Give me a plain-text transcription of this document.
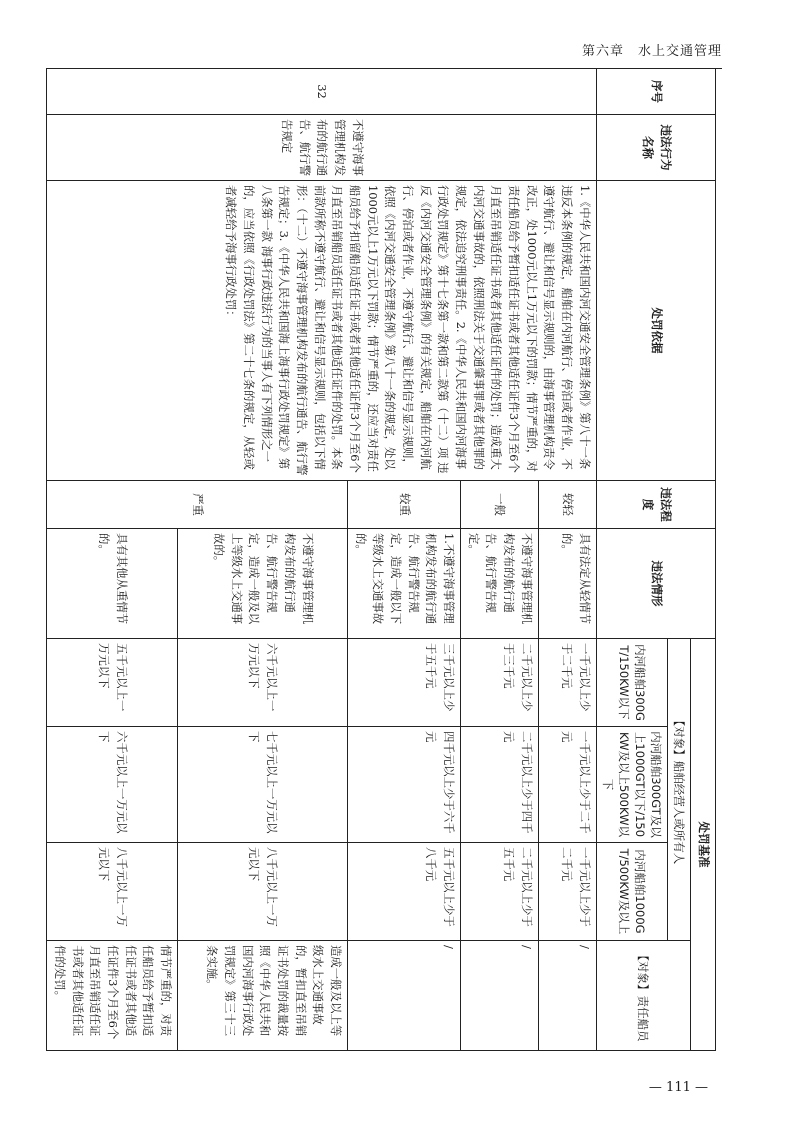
第六章　水上交通管理
序号	违法行为名称	处罚依据	违法程度	违法情形	处罚基准			
					【对象】船舶经营人或所有人			【对象】责任船员
					内河船舶300GT/150KW以下	内河船舶300GT及以上1000GT以下/150KW及以上500KW以下	内河船舶1000GT/500KW及以上	
32	不遵守海事管理机构发布的航行通告、航行警告规定	1.《中华人民共和国内河交通安全管理条例》第八十一条 违反本条例的规定，船舶在内河航行、停泊或者作业，不遵守航行、避让和信号显示规则的，由海事管理机构责令改正，处1000元以上1万元以下的罚款；情节严重的，对责任船员给予暂扣适任证书或者其他适任证件3个月至6个月直至吊销适任证书或者其他适任证件的处罚；造成重大内河交通事故的，依照刑法关于交通肇事罪或者其他罪的规定，依法追究刑事责任。2.《中华人民共和国内河海事行政处罚规定》第十七条第一款和第二款第（十二）项 违反《内河交通安全管理条例》的有关规定，船舶在内河航行、停泊或者作业，不遵守航行、避让和信号显示规则，依照《内河交通安全管理条例》第八十一条的规定，处以1000元以上1万元以下罚款；情节严重的，还应当对责任船员给予扣留船员适任证书或者其他适任证件3个月至6个月直至吊销船员适任证书或者其他适任证件的处罚。本条前款所称不遵守航行、避让和信号显示规则，包括以下情形：（十二）不遵守海事管理机构发布的航行通告、航行警告规定；3.《中华人民共和国海上海事行政处罚规定》第八条第一款 海事行政违法行为的当事人有下列情形之一的，应当依照《行政处罚法》第二十七条的规定，从轻或者减轻给予海事行政处罚：	较轻	具有法定从轻情节的。	一千元以上少于二千元	一千元以上少于二千元	一千元以上少于二千元	/
			一般	不遵守海事管理机构发布的航行通告、航行警告规定。	二千元以上少于三千元	二千元以上少于四千元	二千元以上少于五千元	/
			较重	1.不遵守海事管理机构发布的航行通告、航行警告规定，造成一般以下等级水上交通事故的。	三千元以上少于五千元	四千元以上少于六千元	五千元以上少于八千元	/
			严重	不遵守海事管理机构发布的航行通告、航行警告规定，造成一般及以上等级水上交通事故的。	六千元以上一万元以下	七千元以上一万元以下	八千元以上一万元以下	造成一般及以上等级水上交通事故的，暂扣直至吊销证书处罚的裁量按照《中华人民共和国内河海事行政处罚规定》第三十三条实施。
				具有其他从重情节的。	五千元以上一万元以下	六千元以上一万元以下	八千元以上一万元以下	情节严重的，对责任船员给予暂扣适任证书或者其他适任证件3个月至6个月直至吊销适任证书或者其他适任证件的处罚。
— 111 —
